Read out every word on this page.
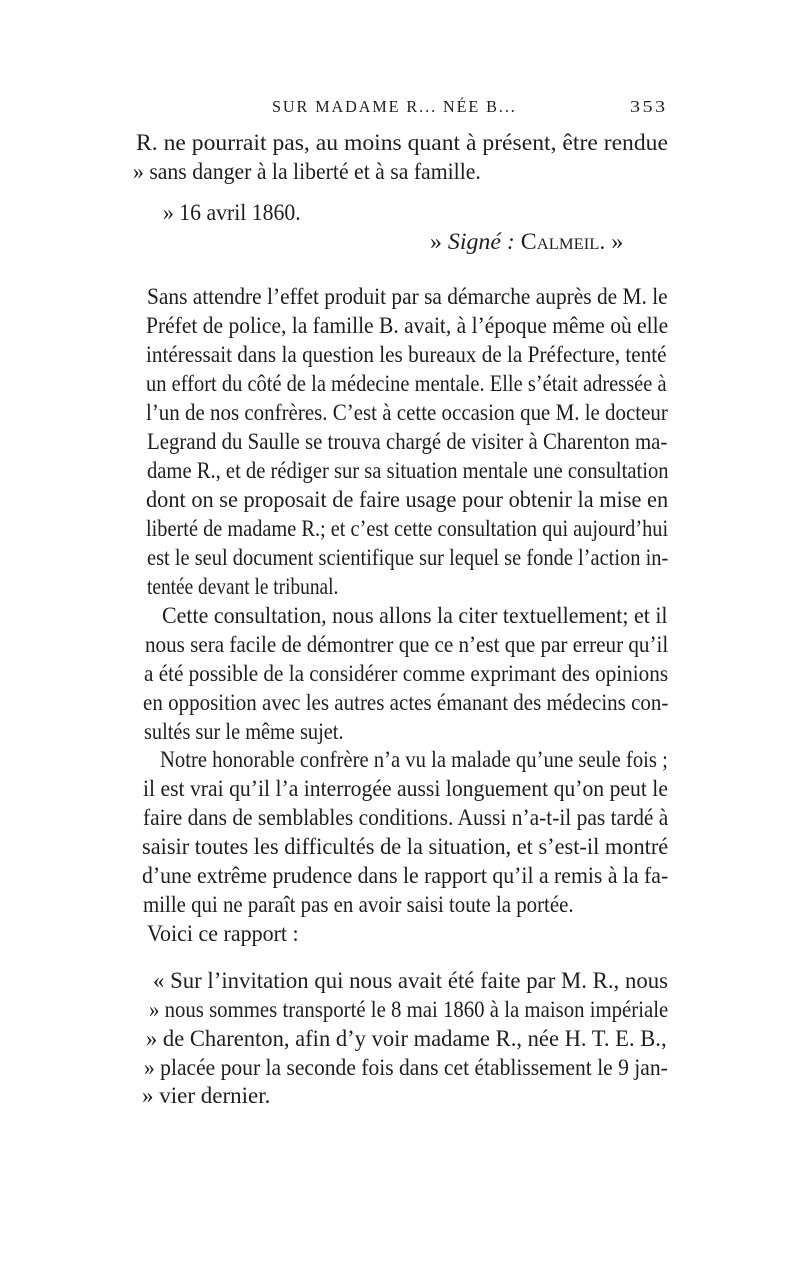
SUR MADAME R... NÉE B...	353
R. ne pourrait pas, au moins quant à présent, être rendue
» sans danger à la liberté et à sa famille.
» 16 avril 1860.
» Signé : Calmeil. »
Sans attendre l’effet produit par sa démarche auprès de M. le
Préfet de police, la famille B. avait, à l’époque même où elle
intéressait dans la question les bureaux de la Préfecture, tenté
un effort du côté de la médecine mentale. Elle s’était adressée à
l’un de nos confrères. C’est à cette occasion que M. le docteur
Legrand du Saulle se trouva chargé de visiter à Charenton ma-
dame R., et de rédiger sur sa situation mentale une consultation
dont on se proposait de faire usage pour obtenir la mise en
liberté de madame R.; et c’est cette consultation qui aujourd’hui
est le seul document scientifique sur lequel se fonde l’action in-
tentée devant le tribunal.
Cette consultation, nous allons la citer textuellement; et il
nous sera facile de démontrer que ce n’est que par erreur qu’il
a été possible de la considérer comme exprimant des opinions
en opposition avec les autres actes émanant des médecins con-
sultés sur le même sujet.
Notre honorable confrère n’a vu la malade qu’une seule fois ;
il est vrai qu’il l’a interrogée aussi longuement qu’on peut le
faire dans de semblables conditions. Aussi n’a-t-il pas tardé à
saisir toutes les difficultés de la situation, et s’est-il montré
d’une extrême prudence dans le rapport qu’il a remis à la fa-
mille qui ne paraît pas en avoir saisi toute la portée.
Voici ce rapport :
« Sur l’invitation qui nous avait été faite par M. R., nous
» nous sommes transporté le 8 mai 1860 à la maison impériale
» de Charenton, afin d’y voir madame R., née H. T. E. B.,
» placée pour la seconde fois dans cet établissement le 9 jan-
» vier dernier.
